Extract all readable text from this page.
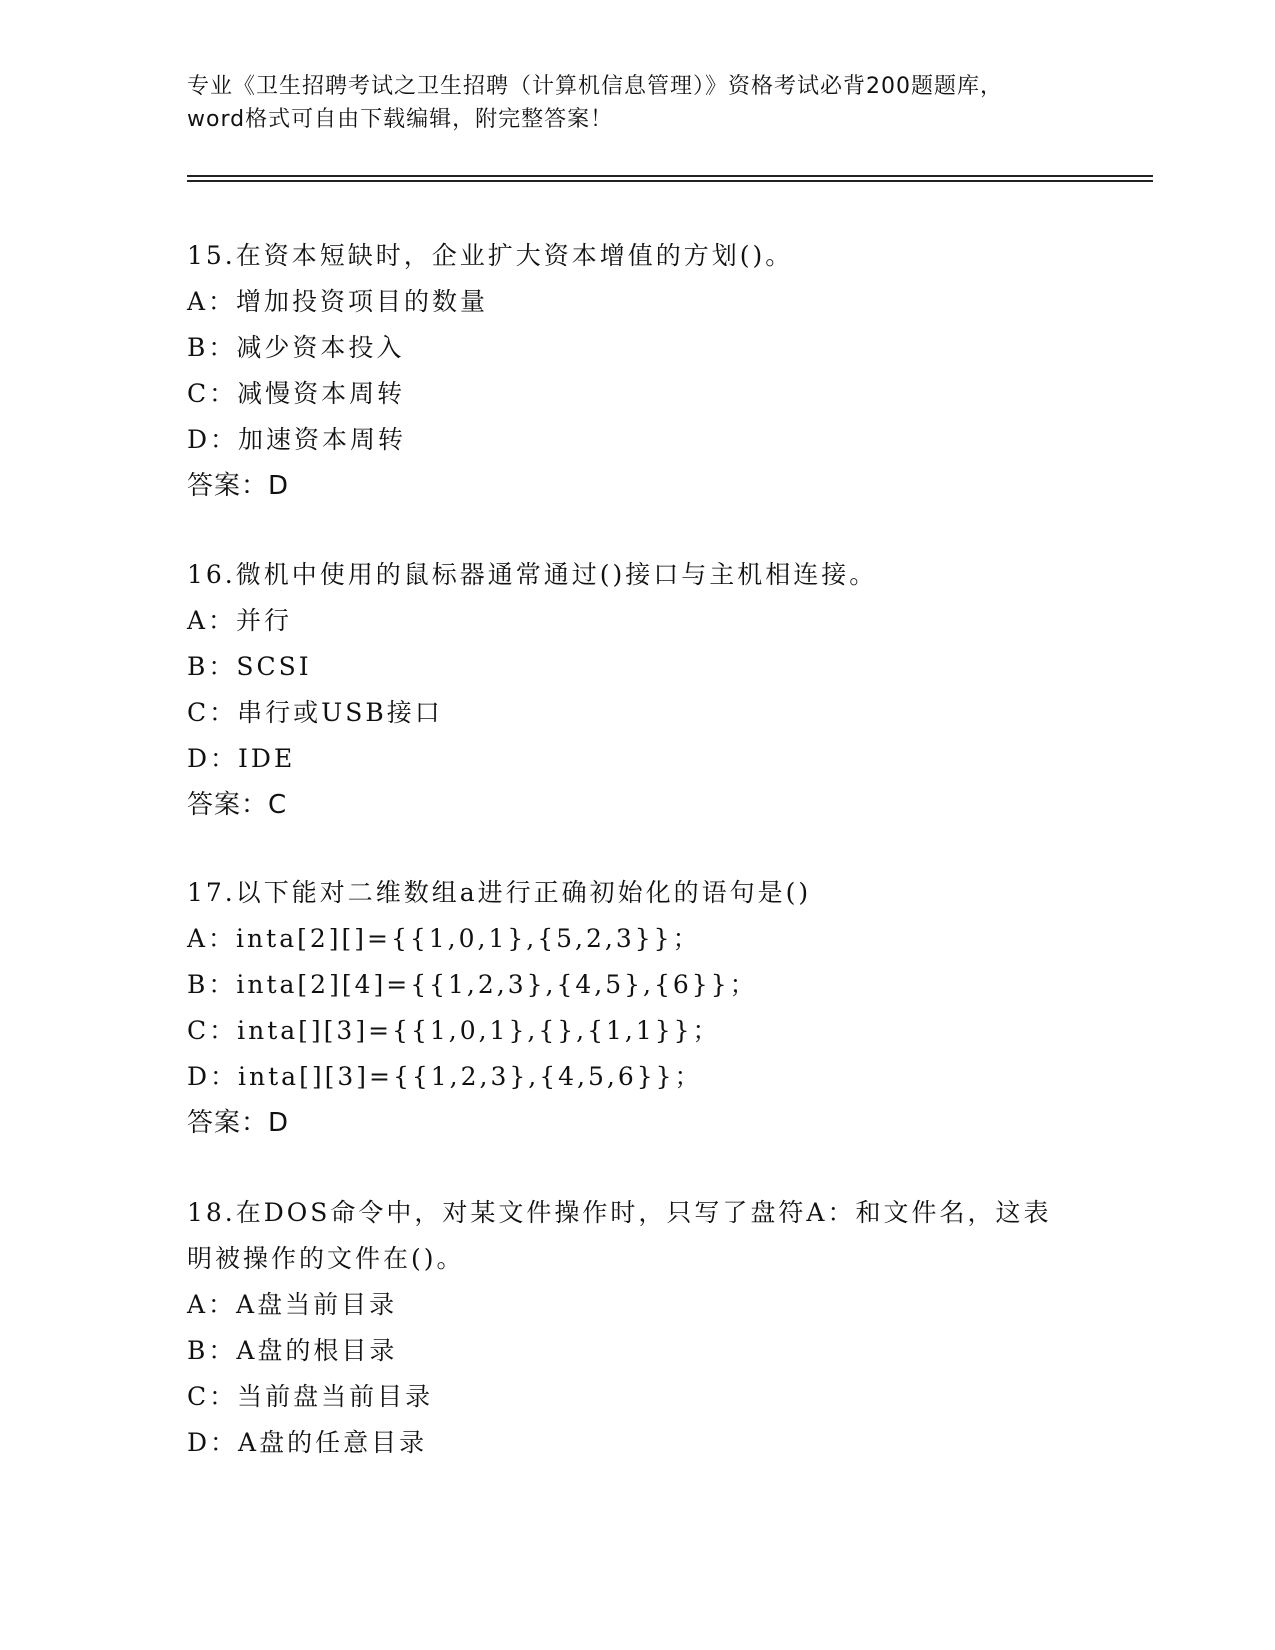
专业《卫生招聘考试之卫生招聘（计算机信息管理）》资格考试必背200题题库，
word格式可自由下载编辑，附完整答案！
15.在资本短缺时，企业扩大资本增值的方划()。
A：增加投资项目的数量
B：减少资本投入
C：减慢资本周转
D：加速资本周转
答案：D
16.微机中使用的鼠标器通常通过()接口与主机相连接。
A：并行
B：SCSI
C：串行或USB接口
D：IDE
答案：C
17.以下能对二维数组a进行正确初始化的语句是()
A：inta[2][]={{1,0,1},{5,2,3}}；
B：inta[2][4]={{1,2,3},{4,5},{6}}；
C：inta[][3]={{1,0,1},{},{1,1}}；
D：inta[][3]={{1,2,3},{4,5,6}}；
答案：D
18.在DOS命令中，对某文件操作时，只写了盘符A：和文件名，这表
明被操作的文件在()。
A：A盘当前目录
B：A盘的根目录
C：当前盘当前目录
D：A盘的任意目录
